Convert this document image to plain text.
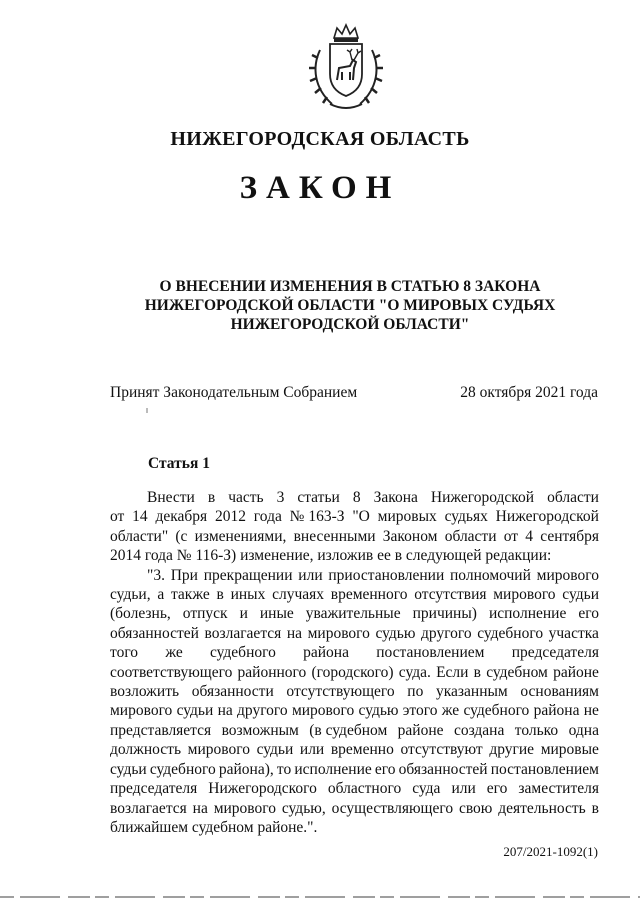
НИЖЕГОРОДСКАЯ ОБЛАСТЬ
ЗАКОН
О ВНЕСЕНИИ ИЗМЕНЕНИЯ В СТАТЬЮ 8 ЗАКОНА
НИЖЕГОРОДСКОЙ ОБЛАСТИ "О МИРОВЫХ СУДЬЯХ
НИЖЕГОРОДСКОЙ ОБЛАСТИ"
Принят Законодательным Собранием	28 октября 2021 года
Статья 1
Внести в часть 3 статьи 8 Закона Нижегородской области
от 14 декабря 2012 года № 163-З "О мировых судьях Нижегородской
области" (с изменениями, внесенными Законом области от 4 сентября
2014 года № 116-З) изменение, изложив ее в следующей редакции:
"3. При прекращении или приостановлении полномочий мирового
судьи, а также в иных случаях временного отсутствия мирового судьи
(болезнь, отпуск и иные уважительные причины) исполнение его
обязанностей возлагается на мирового судью другого судебного участка
того же судебного района постановлением председателя
соответствующего районного (городского) суда. Если в судебном районе
возложить обязанности отсутствующего по указанным основаниям
мирового судьи на другого мирового судью этого же судебного района не
представляется возможным (в судебном районе создана только одна
должность мирового судьи или временно отсутствуют другие мировые
судьи судебного района), то исполнение его обязанностей постановлением
председателя Нижегородского областного суда или его заместителя
возлагается на мирового судью, осуществляющего свою деятельность в
ближайшем судебном районе.".
207/2021-1092(1)
